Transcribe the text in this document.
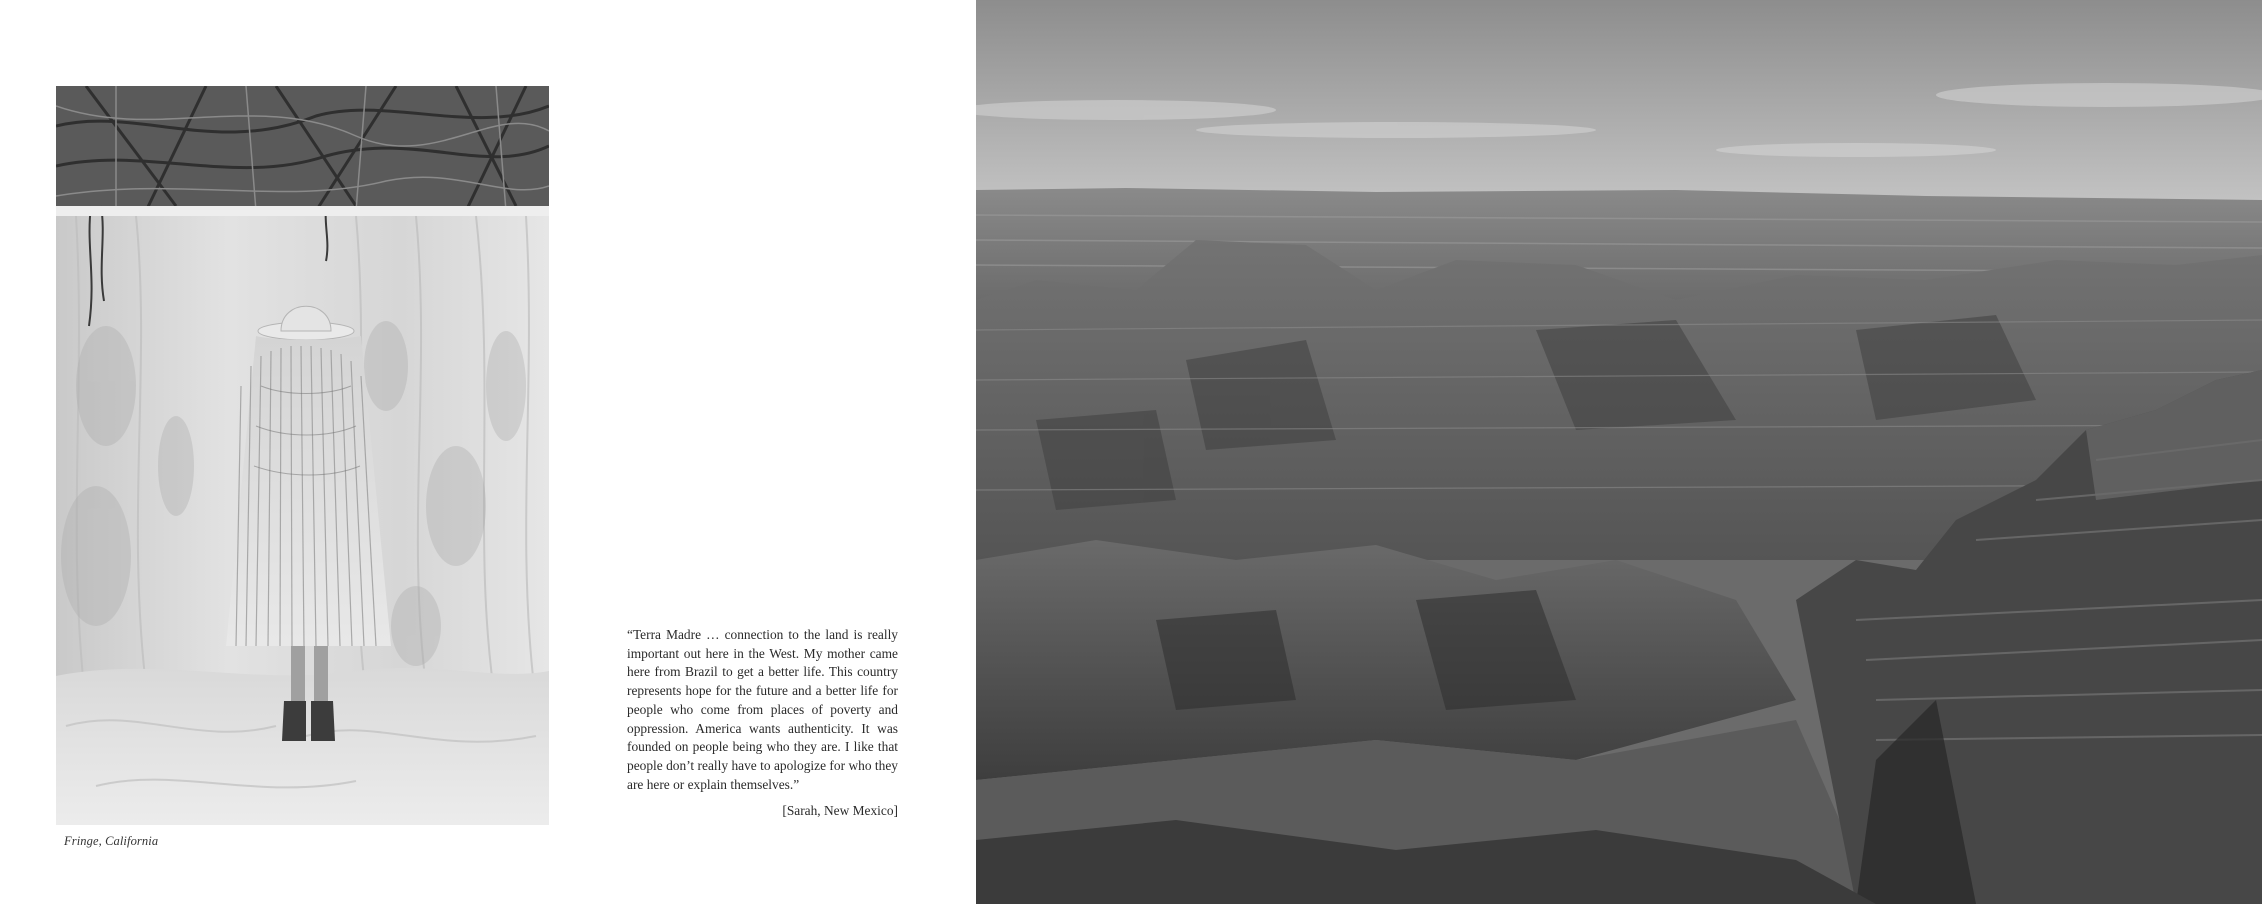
Fringe, California

“Terra Madre … connection to the land is really important out here in the West. My mother came here from Brazil to get a better life. This country represents hope for the future and a better life for people who come from places of poverty and oppression. America wants authenticity. It was founded on people being who they are. I like that people don’t really have to apologize for who they are here or explain themselves.”

[Sarah, New Mexico]
